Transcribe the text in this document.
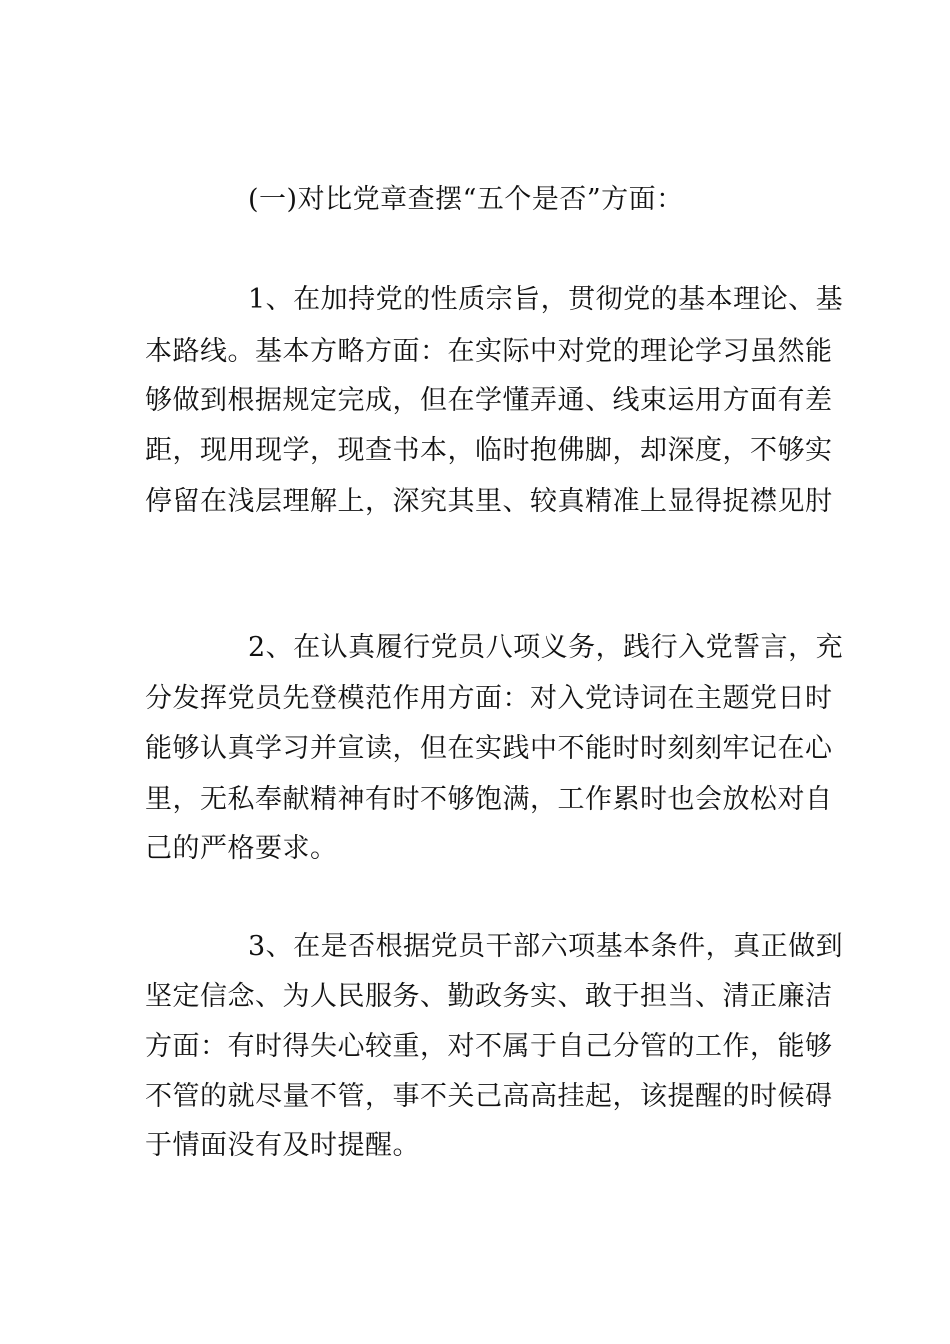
(一)对比党章查摆“五个是否”方面：
1、在加持党的性质宗旨，贯彻党的基本理论、基
本路线。基本方略方面：在实际中对党的理论学习虽然能
够做到根据规定完成，但在学懂弄通、线束运用方面有差
距，现用现学，现查书本，临时抱佛脚，却深度，不够实
停留在浅层理解上，深究其里、较真精准上显得捉襟见肘
2、在认真履行党员八项义务，践行入党誓言，充
分发挥党员先登模范作用方面：对入党诗词在主题党日时
能够认真学习并宣读，但在实践中不能时时刻刻牢记在心
里，无私奉献精神有时不够饱满，工作累时也会放松对自
己的严格要求。
3、在是否根据党员干部六项基本条件，真正做到
坚定信念、为人民服务、勤政务实、敢于担当、清正廉洁
方面：有时得失心较重，对不属于自己分管的工作，能够
不管的就尽量不管，事不关己高高挂起，该提醒的时候碍
于情面没有及时提醒。
